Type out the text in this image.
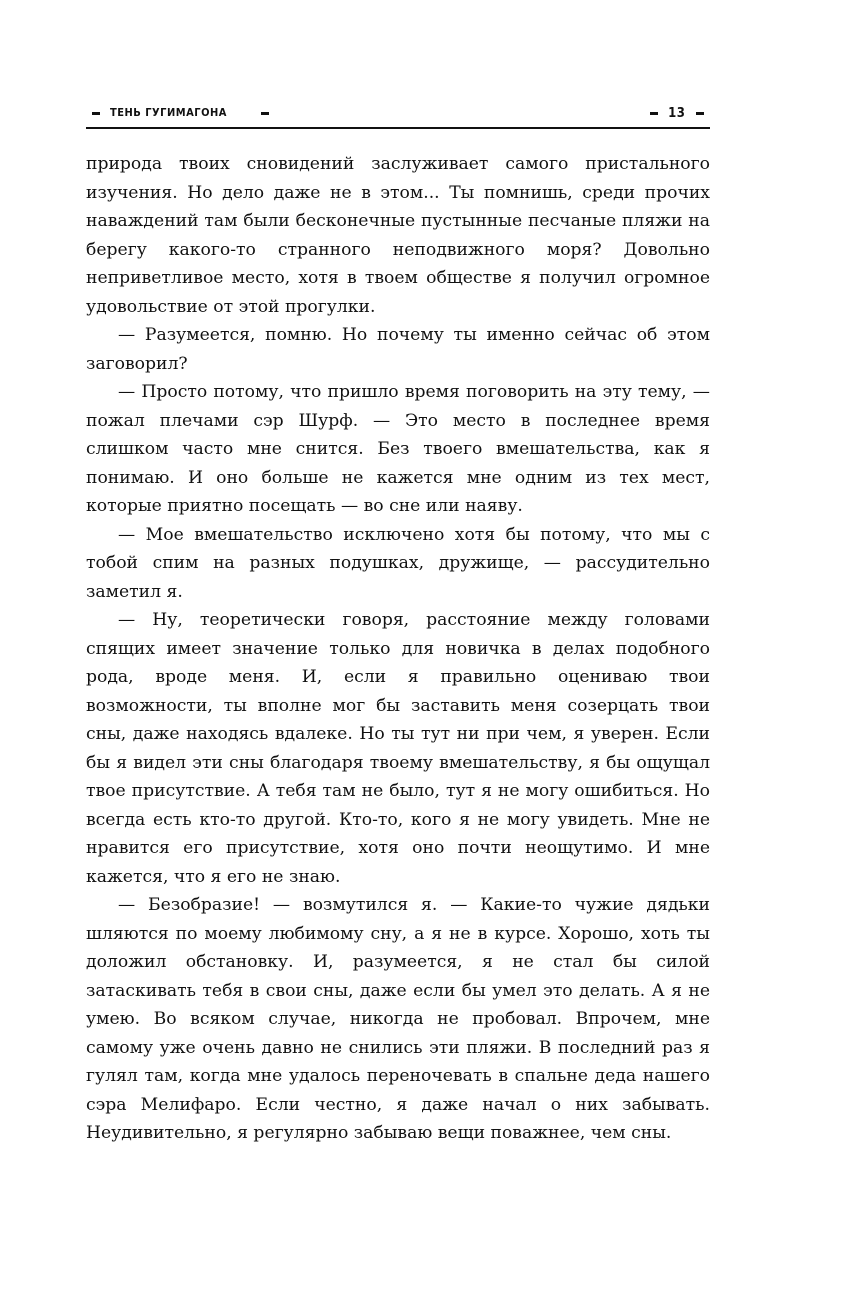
ТЕНЬ ГУГИМАГОНА	13

природа твоих сновидений заслуживает самого пристального изучения. Но дело даже не в этом... Ты помнишь, среди прочих наваждений там были бесконечные пустынные песчаные пляжи на берегу какого-то странного неподвижного моря? Довольно неприветливое место, хотя в твоем обществе я получил огромное удовольствие от этой прогулки.

— Разумеется, помню. Но почему ты именно сейчас об этом заговорил?

— Просто потому, что пришло время поговорить на эту тему, — пожал плечами сэр Шурф. — Это место в последнее время слишком часто мне снится. Без твоего вмешательства, как я понимаю. И оно больше не кажется мне одним из тех мест, которые приятно посещать — во сне или наяву.

— Мое вмешательство исключено хотя бы потому, что мы с тобой спим на разных подушках, дружище, — рассудительно заметил я.

— Ну, теоретически говоря, расстояние между головами спящих имеет значение только для новичка в делах подобного рода, вроде меня. И, если я правильно оцениваю твои возможности, ты вполне мог бы заставить меня созерцать твои сны, даже находясь вдалеке. Но ты тут ни при чем, я уверен. Если бы я видел эти сны благодаря твоему вмешательству, я бы ощущал твое присутствие. А тебя там не было, тут я не могу ошибиться. Но всегда есть кто-то другой. Кто-то, кого я не могу увидеть. Мне не нравится его присутствие, хотя оно почти неощутимо. И мне кажется, что я его не знаю.

— Безобразие! — возмутился я. — Какие-то чужие дядьки шляются по моему любимому сну, а я не в курсе. Хорошо, хоть ты доложил обстановку. И, разумеется, я не стал бы силой затаскивать тебя в свои сны, даже если бы умел это делать. А я не умею. Во всяком случае, никогда не пробовал. Впрочем, мне самому уже очень давно не снились эти пляжи. В последний раз я гулял там, когда мне удалось переночевать в спальне деда нашего сэра Мелифаро. Если честно, я даже начал о них забывать. Неудивительно, я регулярно забываю вещи поважнее, чем сны.
